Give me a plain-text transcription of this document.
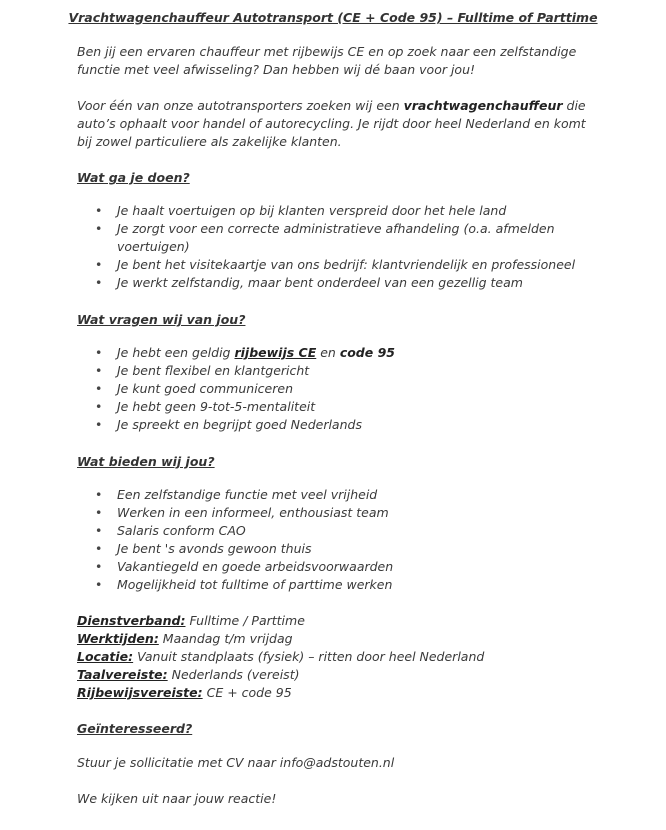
Vrachtwagenchauffeur Autotransport (CE + Code 95) – Fulltime of Parttime
Ben jij een ervaren chauffeur met rijbewijs CE en op zoek naar een zelfstandige functie met veel afwisseling? Dan hebben wij dé baan voor jou!
Voor één van onze autotransporters zoeken wij een vrachtwagenchauffeur die auto’s ophaalt voor handel of autorecycling. Je rijdt door heel Nederland en komt bij zowel particuliere als zakelijke klanten.
Wat ga je doen?
• Je haalt voertuigen op bij klanten verspreid door het hele land
• Je zorgt voor een correcte administratieve afhandeling (o.a. afmelden voertuigen)
• Je bent het visitekaartje van ons bedrijf: klantvriendelijk en professioneel
• Je werkt zelfstandig, maar bent onderdeel van een gezellig team
Wat vragen wij van jou?
• Je hebt een geldig rijbewijs CE en code 95
• Je bent flexibel en klantgericht
• Je kunt goed communiceren
• Je hebt geen 9-tot-5-mentaliteit
• Je spreekt en begrijpt goed Nederlands
Wat bieden wij jou?
• Een zelfstandige functie met veel vrijheid
• Werken in een informeel, enthousiast team
• Salaris conform CAO
• Je bent 's avonds gewoon thuis
• Vakantiegeld en goede arbeidsvoorwaarden
• Mogelijkheid tot fulltime of parttime werken
Dienstverband: Fulltime / Parttime
Werktijden: Maandag t/m vrijdag
Locatie: Vanuit standplaats (fysiek) – ritten door heel Nederland
Taalvereiste: Nederlands (vereist)
Rijbewijsvereiste: CE + code 95
Geïnteresseerd?
Stuur je sollicitatie met CV naar info@adstouten.nl
We kijken uit naar jouw reactie!
